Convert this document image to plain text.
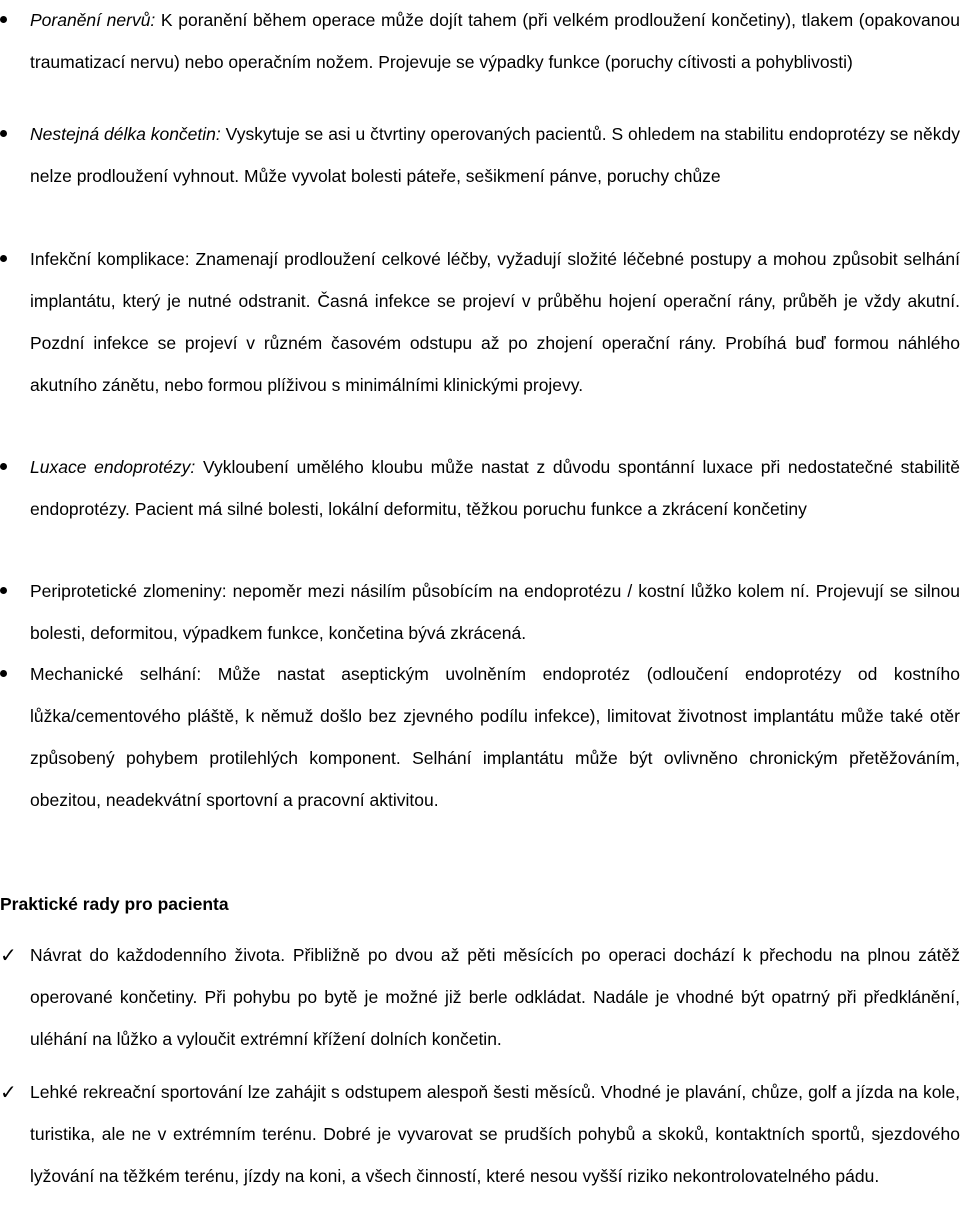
Poranění nervů: K poranění během operace může dojít tahem (při velkém prodloužení končetiny), tlakem (opakovanou traumatizací nervu) nebo operačním nožem. Projevuje se výpadky funkce (poruchy cítivosti a pohyblivosti)

Nestejná délka končetin: Vyskytuje se asi u čtvrtiny operovaných pacientů. S ohledem na stabilitu endoprotézy se někdy nelze prodloužení vyhnout. Může vyvolat bolesti páteře, sešikmení pánve, poruchy chůze

Infekční komplikace: Znamenají prodloužení celkové léčby, vyžadují složité léčebné postupy a mohou způsobit selhání implantátu, který je nutné odstranit. Časná infekce se projeví v průběhu hojení operační rány, průběh je vždy akutní. Pozdní infekce se projeví v různém časovém odstupu až po zhojení operační rány. Probíhá buď formou náhlého akutního zánětu, nebo formou plíživou s minimálními klinickými projevy.

Luxace endoprotézy: Vykloubení umělého kloubu může nastat z důvodu spontánní luxace při nedostatečné stabilitě endoprotézy. Pacient má silné bolesti, lokální deformitu, těžkou poruchu funkce a zkrácení končetiny

Periprotetické zlomeniny: nepoměr mezi násilím působícím na endoprotézu / kostní lůžko kolem ní. Projevují se silnou bolesti, deformitou, výpadkem funkce, končetina bývá zkrácená.

Mechanické selhání: Může nastat aseptickým uvolněním endoprotéz (odloučení endoprotézy od kostního lůžka/cementového pláště, k němuž došlo bez zjevného podílu infekce), limitovat životnost implantátu může také otěr způsobený pohybem protilehlých komponent. Selhání implantátu může být ovlivněno chronickým přetěžováním, obezitou, neadekvátní sportovní a pracovní aktivitou.

Praktické rady pro pacienta

✓ Návrat do každodenního života. Přibližně po dvou až pěti měsících po operaci dochází k přechodu na plnou zátěž operované končetiny. Při pohybu po bytě je možné již berle odkládat. Nadále je vhodné být opatrný při předklánění, uléhání na lůžko a vyloučit extrémní křížení dolních končetin.

✓ Lehké rekreační sportování lze zahájit s odstupem alespoň šesti měsíců. Vhodné je plavání, chůze, golf a jízda na kole, turistika, ale ne v extrémním terénu. Dobré je vyvarovat se prudších pohybů a skoků, kontaktních sportů, sjezdového lyžování na těžkém terénu, jízdy na koni, a všech činností, které nesou vyšší riziko nekontrolovatelného pádu.
